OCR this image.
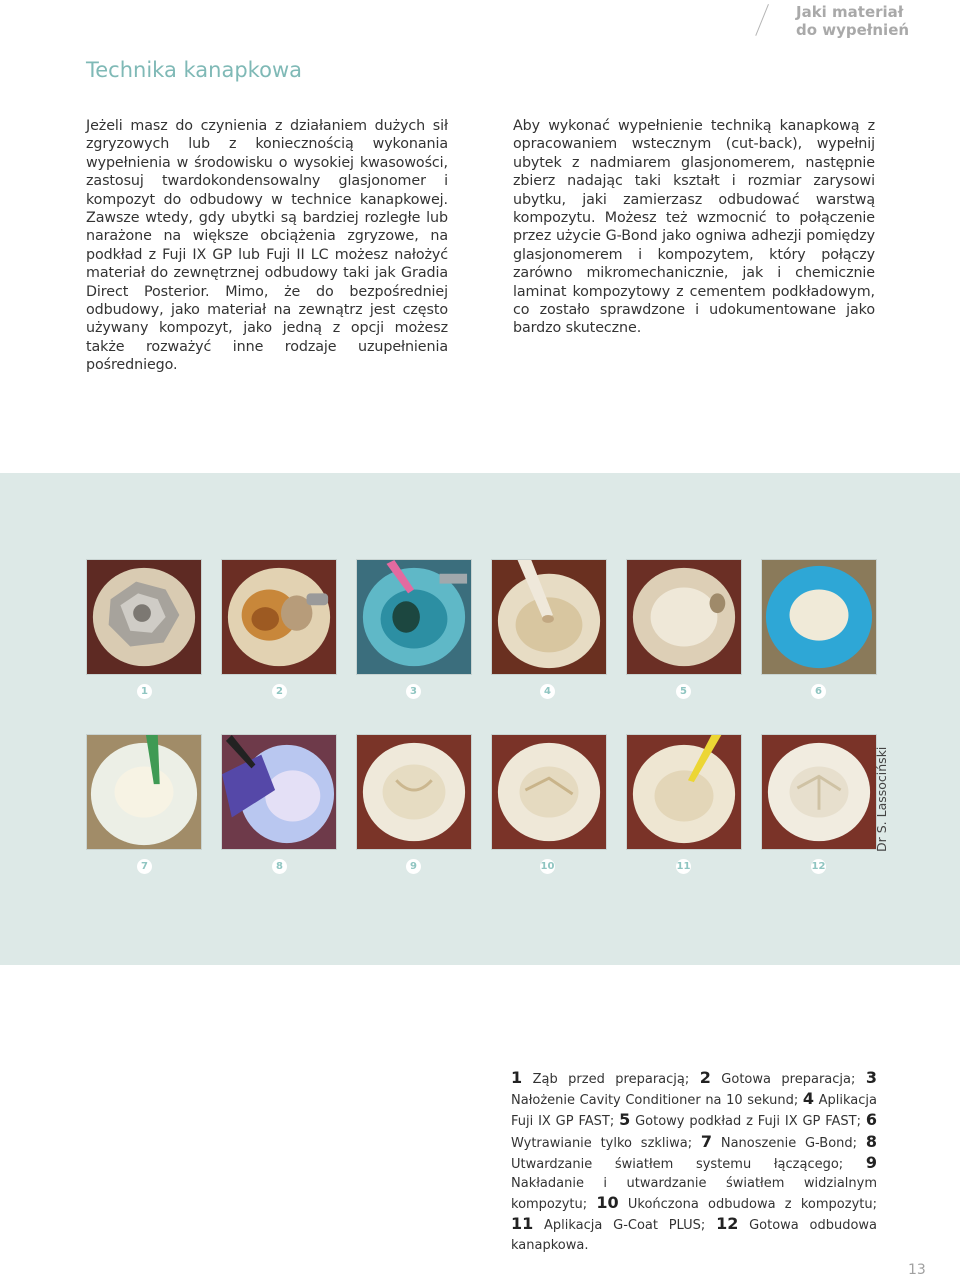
Jaki materiał
do wypełnień
Technika kanapkowa

Jeżeli masz do czynienia z działaniem dużych sił zgryzowych lub z koniecznością wykonania wypełnienia w środowisku o wysokiej kwasowości, zastosuj twardokondensowalny glasjonomer i kompozyt do odbudowy w technice kanapkowej. Zawsze wtedy, gdy ubytki są bardziej rozległe lub narażone na większe obciążenia zgryzowe, na podkład z Fuji IX GP lub Fuji II LC możesz nałożyć materiał do zewnętrznej odbudowy taki jak Gradia Direct Posterior. Mimo, że do bezpośredniej odbudowy, jako materiał na zewnątrz jest często używany kompozyt, jako jedną z opcji możesz także rozważyć inne rodzaje uzupełnienia pośredniego.

Aby wykonać wypełnienie techniką kanapkową z opracowaniem wstecznym (cut-back), wypełnij ubytek z nadmiarem glasjonomerem, następnie zbierz nadając taki kształt i rozmiar zarysowi ubytku, jaki zamierzasz odbudować warstwą kompozytu. Możesz też wzmocnić to połączenie przez użycie G-Bond jako ogniwa adhezji pomiędzy glasjonomerem i kompozytem, który połączy zarówno mikromechanicznie, jak i chemicznie laminat kompozytowy z cementem podkładowym, co zostało sprawdzone i udokumentowane jako bardzo skuteczne.

1	2	3	4	5	6
7	8	9	10	11	12
Dr S. Lassociński

1 Ząb przed preparacją; 2 Gotowa preparacja; 3 Nałożenie Cavity Conditioner na 10 sekund; 4 Aplikacja Fuji IX GP FAST; 5 Gotowy podkład z Fuji IX GP FAST; 6 Wytrawianie tylko szkliwa; 7 Nanoszenie G-Bond; 8 Utwardzanie światłem systemu łączącego; 9 Nakładanie i utwardzanie światłem widzialnym kompozytu; 10 Ukończona odbudowa z kompozytu; 11 Aplikacja G-Coat PLUS; 12 Gotowa odbudowa kanapkowa.

13
